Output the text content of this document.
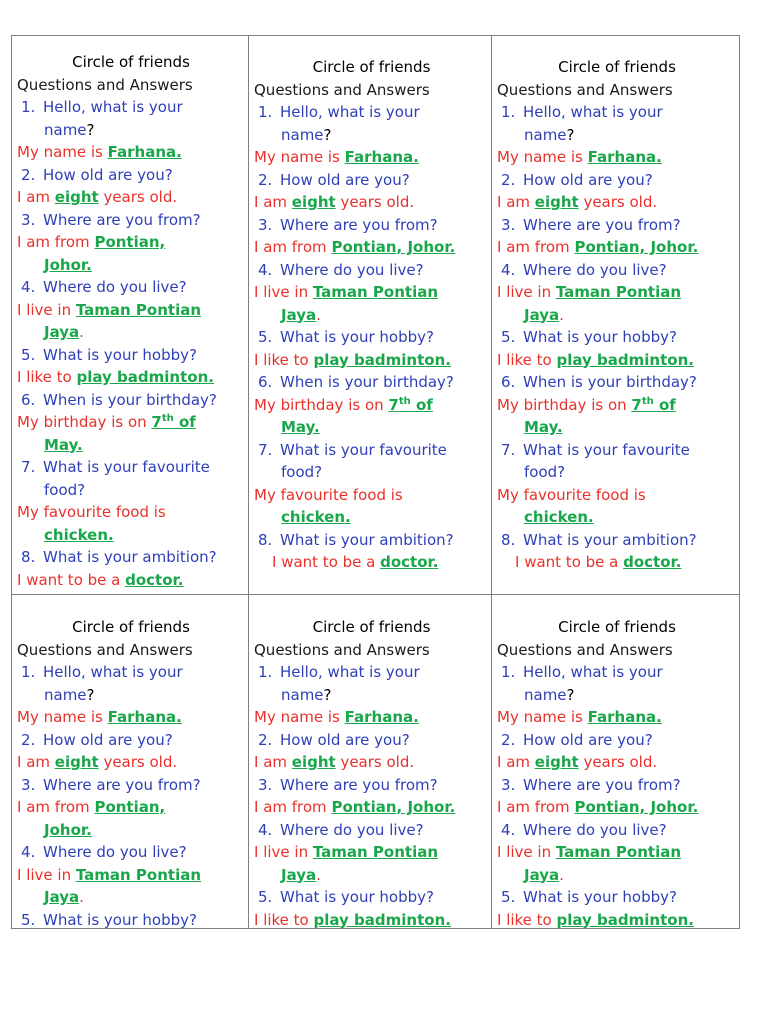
Circle of friends
Questions and Answers
1. Hello, what is your
name?
My name is Farhana.
2. How old are you?
I am eight years old.
3. Where are you from?
I am from Pontian,
Johor.
4. Where do you live?
I live in Taman Pontian
Jaya.
5. What is your hobby?
I like to play badminton.
6. When is your birthday?
My birthday is on 7th of
May.
7. What is your favourite
food?
My favourite food is
chicken.
8. What is your ambition?
I want to be a doctor.
Circle of friends
Questions and Answers
1. Hello, what is your
name?
My name is Farhana.
2. How old are you?
I am eight years old.
3. Where are you from?
I am from Pontian, Johor.
4. Where do you live?
I live in Taman Pontian
Jaya.
5. What is your hobby?
I like to play badminton.
6. When is your birthday?
My birthday is on 7th of
May.
7. What is your favourite
food?
My favourite food is
chicken.
8. What is your ambition?
I want to be a doctor.
Circle of friends
Questions and Answers
1. Hello, what is your
name?
My name is Farhana.
2. How old are you?
I am eight years old.
3. Where are you from?
I am from Pontian, Johor.
4. Where do you live?
I live in Taman Pontian
Jaya.
5. What is your hobby?
I like to play badminton.
6. When is your birthday?
My birthday is on 7th of
May.
7. What is your favourite
food?
My favourite food is
chicken.
8. What is your ambition?
I want to be a doctor.
Circle of friends
Questions and Answers
1. Hello, what is your
name?
My name is Farhana.
2. How old are you?
I am eight years old.
3. Where are you from?
I am from Pontian,
Johor.
4. Where do you live?
I live in Taman Pontian
Jaya.
5. What is your hobby?
Circle of friends
Questions and Answers
1. Hello, what is your
name?
My name is Farhana.
2. How old are you?
I am eight years old.
3. Where are you from?
I am from Pontian, Johor.
4. Where do you live?
I live in Taman Pontian
Jaya.
5. What is your hobby?
I like to play badminton.
Circle of friends
Questions and Answers
1. Hello, what is your
name?
My name is Farhana.
2. How old are you?
I am eight years old.
3. Where are you from?
I am from Pontian, Johor.
4. Where do you live?
I live in Taman Pontian
Jaya.
5. What is your hobby?
I like to play badminton.
